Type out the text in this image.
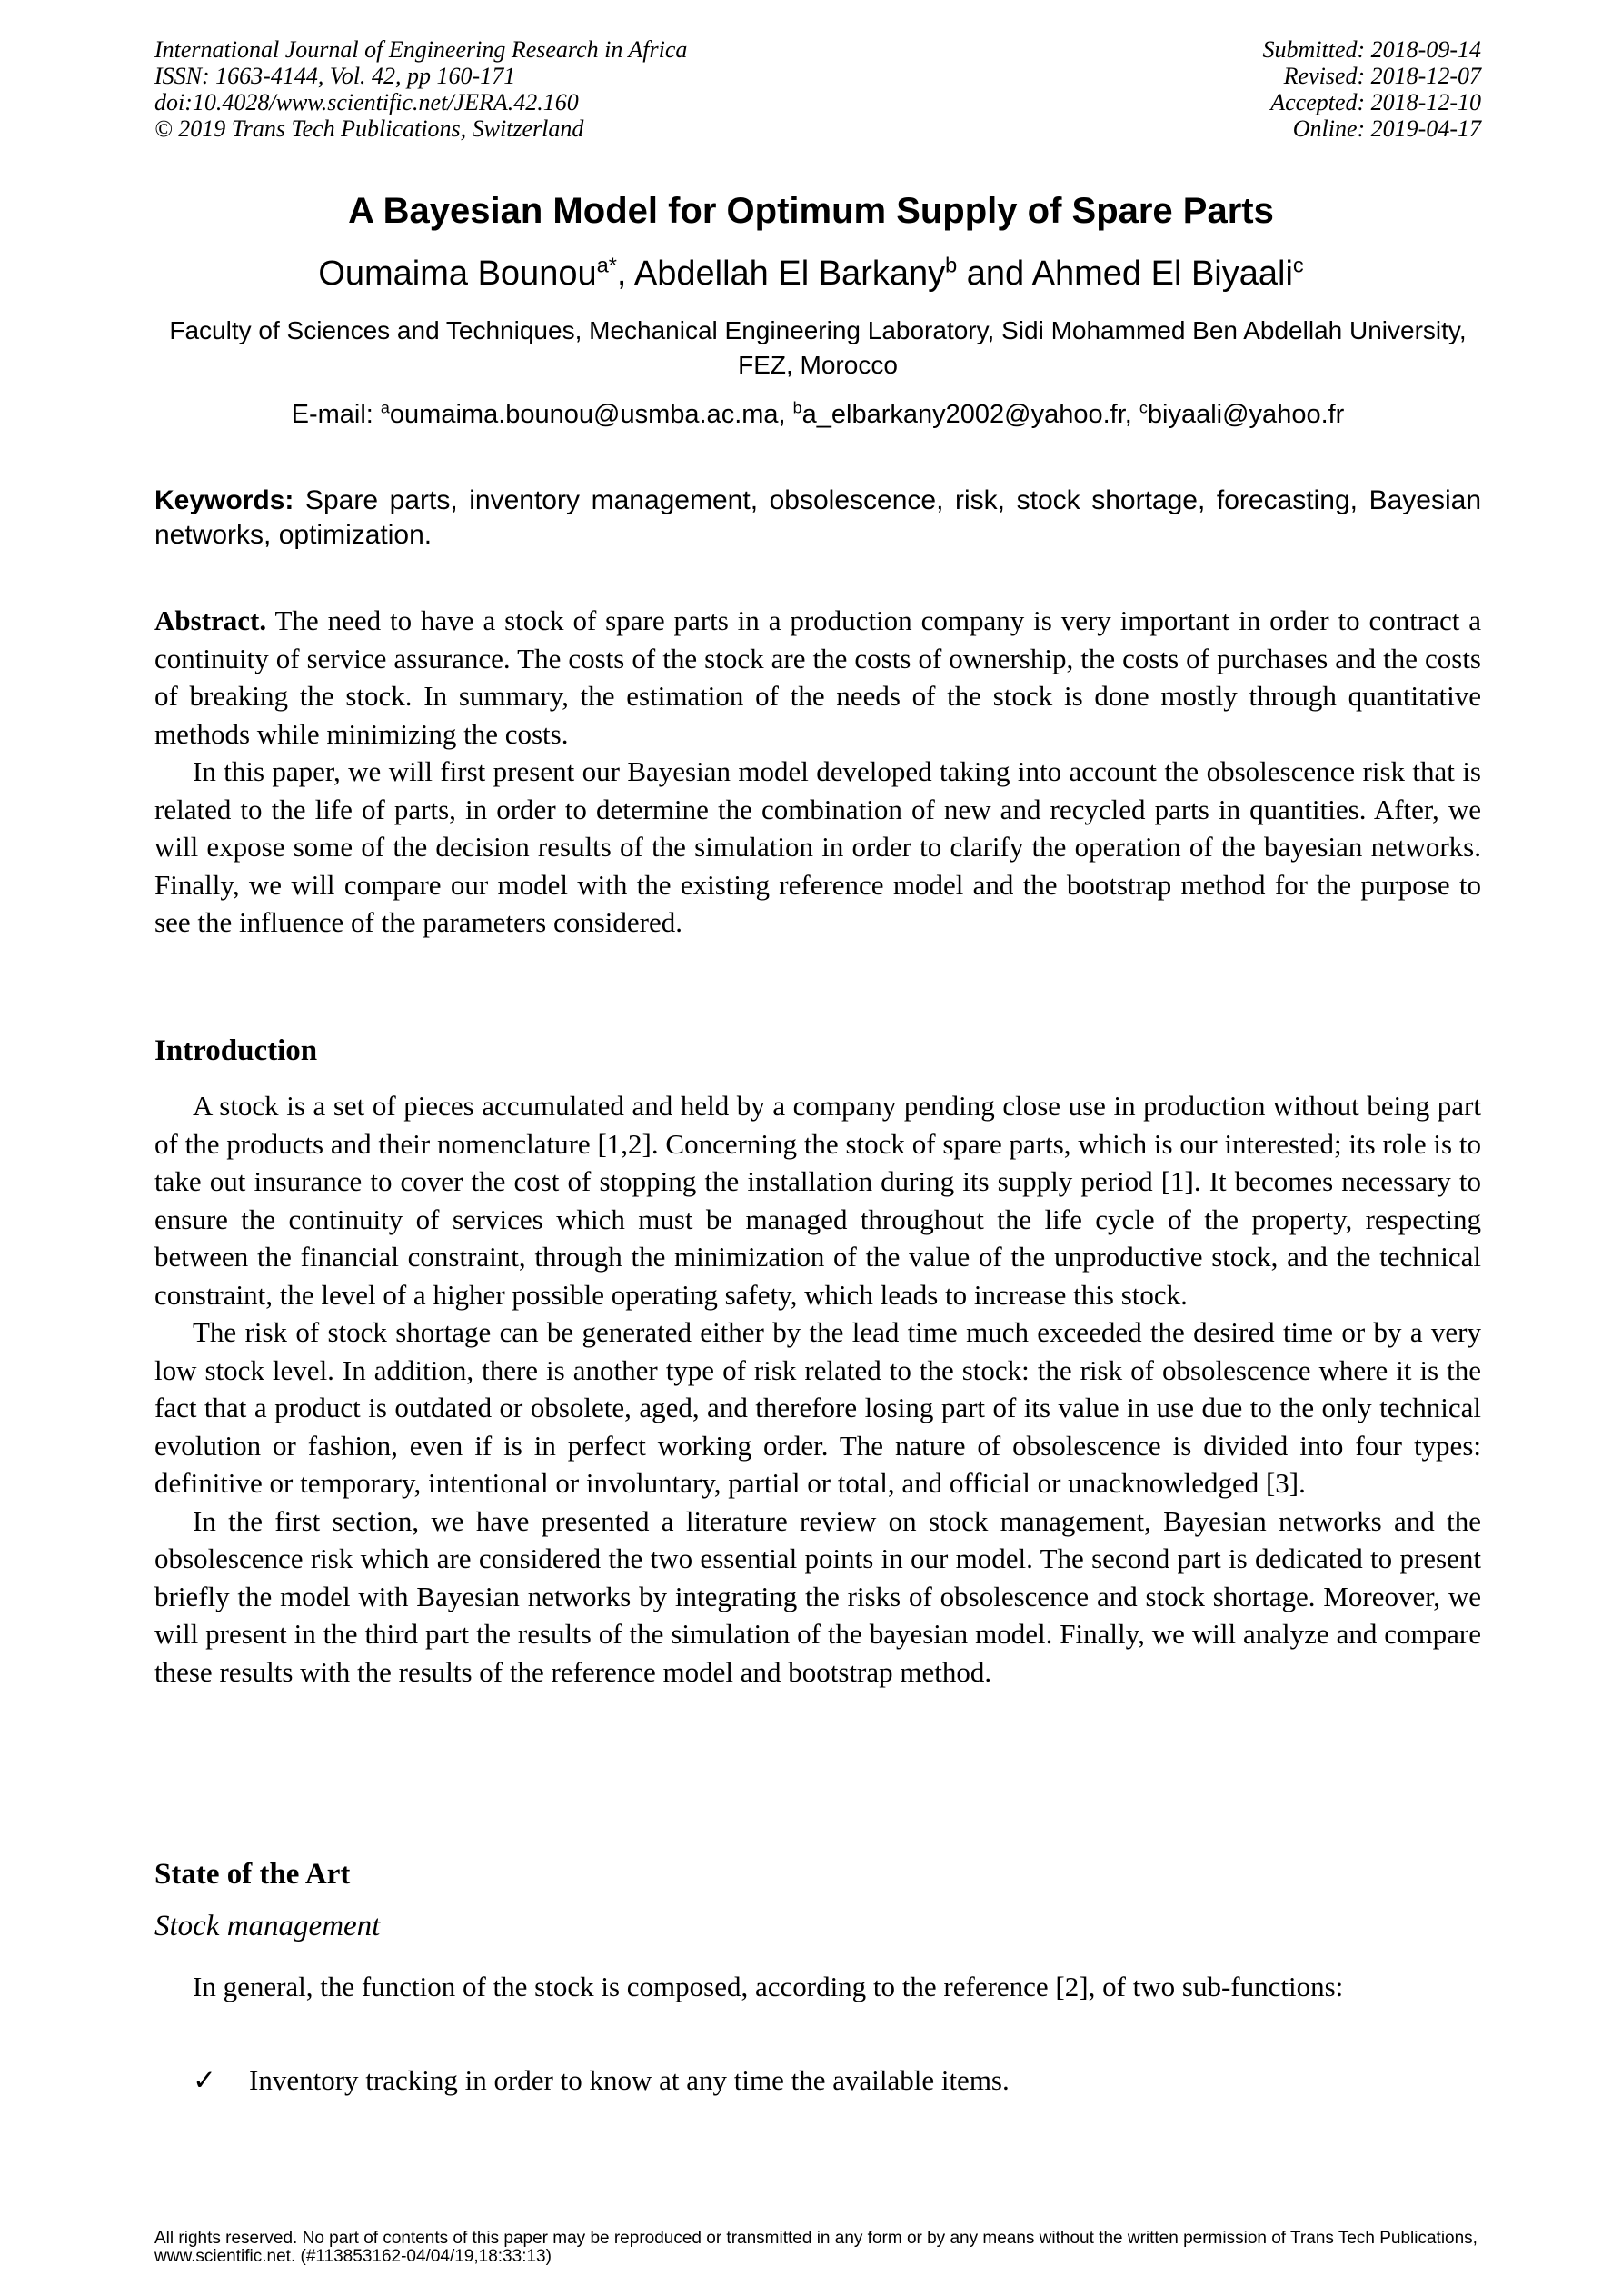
International Journal of Engineering Research in Africa
ISSN: 1663-4144, Vol. 42, pp 160-171
doi:10.4028/www.scientific.net/JERA.42.160
© 2019 Trans Tech Publications, Switzerland
Submitted: 2018-09-14
Revised: 2018-12-07
Accepted: 2018-12-10
Online: 2019-04-17
A Bayesian Model for Optimum Supply of Spare Parts
Oumaima Bounou$^{a*}$, Abdellah El Barkany$^b$ and Ahmed El Biyaali$^c$
Faculty of Sciences and Techniques, Mechanical Engineering Laboratory, Sidi Mohammed Ben Abdellah University, FEZ, Morocco
E-mail: $^a$oumaima.bounou@usmba.ac.ma, $^b$a_elbarkany2002@yahoo.fr, $^c$biyaali@yahoo.fr
Keywords: Spare parts, inventory management, obsolescence, risk, stock shortage, forecasting, Bayesian networks, optimization.

Abstract. The need to have a stock of spare parts in a production company is very important in order to contract a continuity of service assurance. The costs of the stock are the costs of ownership, the costs of purchases and the costs of breaking the stock. In summary, the estimation of the needs of the stock is done mostly through quantitative methods while minimizing the costs.

In this paper, we will first present our Bayesian model developed taking into account the obsolescence risk that is related to the life of parts, in order to determine the combination of new and recycled parts in quantities. After, we will expose some of the decision results of the simulation in order to clarify the operation of the bayesian networks. Finally, we will compare our model with the existing reference model and the bootstrap method for the purpose to see the influence of the parameters considered.

Introduction

A stock is a set of pieces accumulated and held by a company pending close use in production without being part of the products and their nomenclature [1,2]. Concerning the stock of spare parts, which is our interested; its role is to take out insurance to cover the cost of stopping the installation during its supply period [1]. It becomes necessary to ensure the continuity of services which must be managed throughout the life cycle of the property, respecting between the financial constraint, through the minimization of the value of the unproductive stock, and the technical constraint, the level of a higher possible operating safety, which leads to increase this stock.

The risk of stock shortage can be generated either by the lead time much exceeded the desired time or by a very low stock level. In addition, there is another type of risk related to the stock: the risk of obsolescence where it is the fact that a product is outdated or obsolete, aged, and therefore losing part of its value in use due to the only technical evolution or fashion, even if is in perfect working order. The nature of obsolescence is divided into four types: definitive or temporary, intentional or involuntary, partial or total, and official or unacknowledged [3].

In the first section, we have presented a literature review on stock management, Bayesian networks and the obsolescence risk which are considered the two essential points in our model. The second part is dedicated to present briefly the model with Bayesian networks by integrating the risks of obsolescence and stock shortage. Moreover, we will present in the third part the results of the simulation of the bayesian model. Finally, we will analyze and compare these results with the results of the reference model and bootstrap method.

State of the Art
Stock management

In general, the function of the stock is composed, according to the reference [2], of two sub-functions:

✓ Inventory tracking in order to know at any time the available items.
All rights reserved. No part of contents of this paper may be reproduced or transmitted in any form or by any means without the written permission of Trans Tech Publications, www.scientific.net. (#113853162-04/04/19,18:33:13)
